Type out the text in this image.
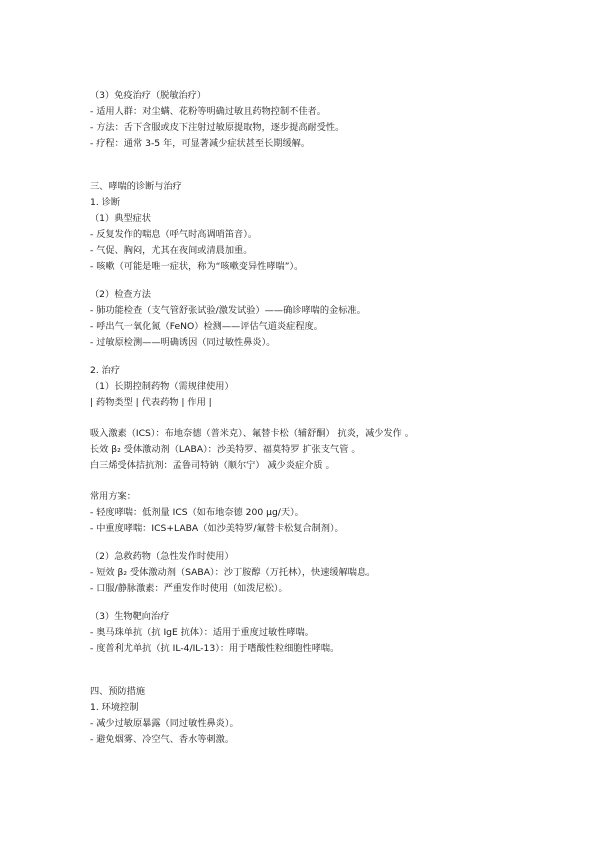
（3）免疫治疗（脱敏治疗）
- 适用人群：对尘螨、花粉等明确过敏且药物控制不佳者。
- 方法：舌下含服或皮下注射过敏原提取物，逐步提高耐受性。
- 疗程：通常 3-5 年，可显著减少症状甚至长期缓解。
三、哮喘的诊断与治疗
1. 诊断
（1）典型症状
- 反复发作的喘息（呼气时高调哨笛音）。
- 气促、胸闷，尤其在夜间或清晨加重。
- 咳嗽（可能是唯一症状，称为“咳嗽变异性哮喘”）。
（2）检查方法
- 肺功能检查（支气管舒张试验/激发试验）——确诊哮喘的金标准。
- 呼出气一氧化氮（FeNO）检测——评估气道炎症程度。
- 过敏原检测——明确诱因（同过敏性鼻炎）。
2. 治疗
（1）长期控制药物（需规律使用）
| 药物类型 | 代表药物 | 作用 |
吸入激素（ICS）：布地奈德（普米克）、氟替卡松（辅舒酮） 抗炎，减少发作 。
长效 β₂ 受体激动剂（LABA）：沙美特罗、福莫特罗 扩张支气管 。
白三烯受体拮抗剂：孟鲁司特钠（顺尔宁） 减少炎症介质 。
常用方案：
- 轻度哮喘：低剂量 ICS（如布地奈德 200 μg/天）。
- 中重度哮喘：ICS+LABA（如沙美特罗/氟替卡松复合制剂）。
（2）急救药物（急性发作时使用）
- 短效 β₂ 受体激动剂（SABA）：沙丁胺醇（万托林），快速缓解喘息。
- 口服/静脉激素：严重发作时使用（如泼尼松）。
（3）生物靶向治疗
- 奥马珠单抗（抗 IgE 抗体）：适用于重度过敏性哮喘。
- 度普利尤单抗（抗 IL-4/IL-13）：用于嗜酸性粒细胞性哮喘。
四、预防措施
1. 环境控制
- 减少过敏原暴露（同过敏性鼻炎）。
- 避免烟雾、冷空气、香水等刺激。
